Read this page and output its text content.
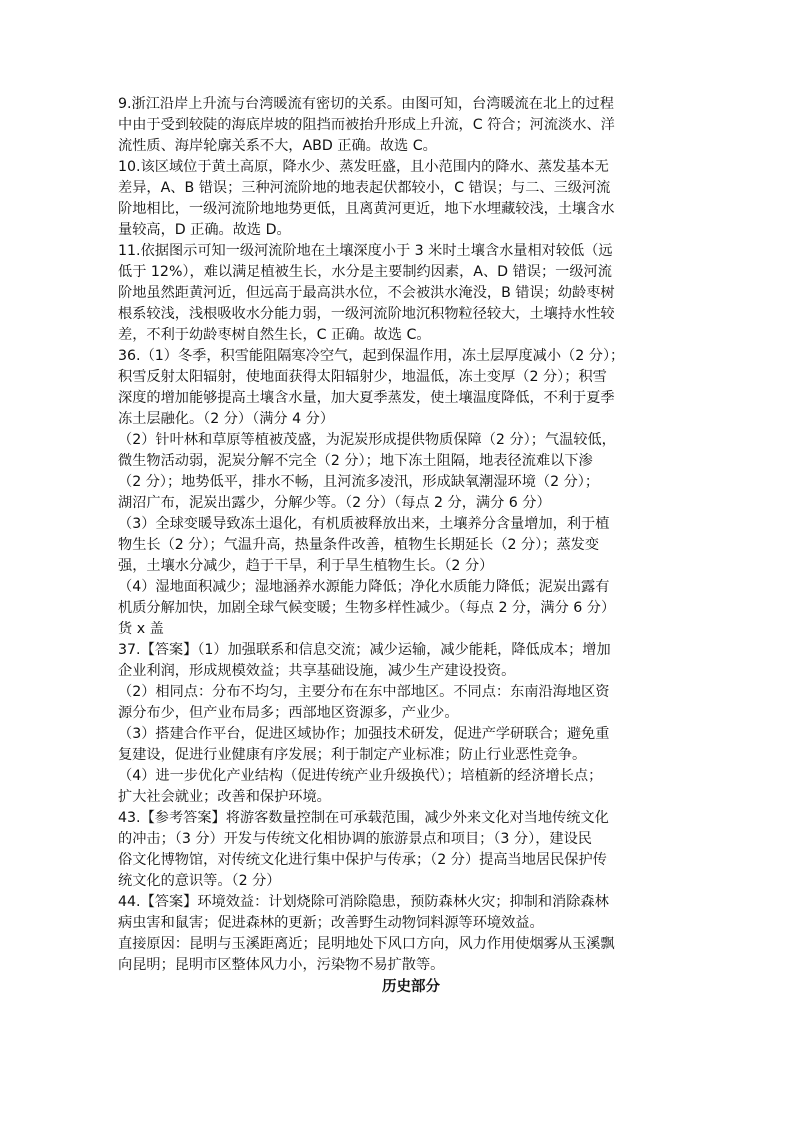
9.浙江沿岸上升流与台湾暖流有密切的关系。由图可知，台湾暖流在北上的过程
中由于受到较陡的海底岸坡的阻挡而被抬升形成上升流，C 符合；河流淡水、洋
流性质、海岸轮廓关系不大，ABD 正确。故选 C。
10.该区域位于黄土高原，降水少、蒸发旺盛，且小范围内的降水、蒸发基本无
差异，A、B 错误；三种河流阶地的地表起伏都较小，C 错误；与二、三级河流
阶地相比，一级河流阶地地势更低，且离黄河更近，地下水埋藏较浅，土壤含水
量较高，D 正确。故选 D。
11.依据图示可知一级河流阶地在土壤深度小于 3 米时土壤含水量相对较低（远
低于 12%），难以满足植被生长，水分是主要制约因素，A、D 错误；一级河流
阶地虽然距黄河近，但远高于最高洪水位，不会被洪水淹没，B 错误；幼龄枣树
根系较浅，浅根吸收水分能力弱，一级河流阶地沉积物粒径较大，土壤持水性较
差，不利于幼龄枣树自然生长，C 正确。故选 C。
36.（1）冬季，积雪能阻隔寒冷空气，起到保温作用，冻土层厚度减小（2 分）；
积雪反射太阳辐射，使地面获得太阳辐射少，地温低，冻土变厚（2 分）；积雪
深度的增加能够提高土壤含水量，加大夏季蒸发，使土壤温度降低，不利于夏季
冻土层融化。（2 分）（满分 4 分）
（2）针叶林和草原等植被茂盛，为泥炭形成提供物质保障（2 分）；气温较低，
微生物活动弱，泥炭分解不完全（2 分）；地下冻土阻隔，地表径流难以下渗
（2 分）；地势低平，排水不畅，且河流多凌汛，形成缺氧潮湿环境（2 分）；
湖沼广布，泥炭出露少，分解少等。（2 分）（每点 2 分，满分 6 分）
（3）全球变暖导致冻土退化，有机质被释放出来，土壤养分含量增加，利于植
物生长（2 分）；气温升高，热量条件改善，植物生长期延长（2 分）；蒸发变
强，土壤水分减少，趋于干旱，利于旱生植物生长。（2 分）
（4）湿地面积减少；湿地涵养水源能力降低；净化水质能力降低；泥炭出露有
机质分解加快，加剧全球气候变暖；生物多样性减少。（每点 2 分，满分 6 分）
货 x 盖
37.【答案】（1）加强联系和信息交流；减少运输，减少能耗，降低成本；增加
企业利润，形成规模效益；共享基础设施，减少生产建设投资。
（2）相同点：分布不均匀，主要分布在东中部地区。不同点：东南沿海地区资
源分布少，但产业布局多；西部地区资源多，产业少。
（3）搭建合作平台，促进区域协作；加强技术研发，促进产学研联合；避免重
复建设，促进行业健康有序发展；利于制定产业标准；防止行业恶性竞争。
（4）进一步优化产业结构（促进传统产业升级换代）；培植新的经济增长点；
扩大社会就业；改善和保护环境。
43.【参考答案】将游客数量控制在可承载范围，减少外来文化对当地传统文化
的冲击；（3 分）开发与传统文化相协调的旅游景点和项目；（3 分），建设民
俗文化博物馆，对传统文化进行集中保护与传承；（2 分）提高当地居民保护传
统文化的意识等。（2 分）
44.【答案】环境效益：计划烧除可消除隐患，预防森林火灾；抑制和消除森林
病虫害和鼠害；促进森林的更新；改善野生动物饲料源等环境效益。
直接原因：昆明与玉溪距离近；昆明地处下风口方向，风力作用使烟雾从玉溪飘
向昆明；昆明市区整体风力小，污染物不易扩散等。
历史部分
